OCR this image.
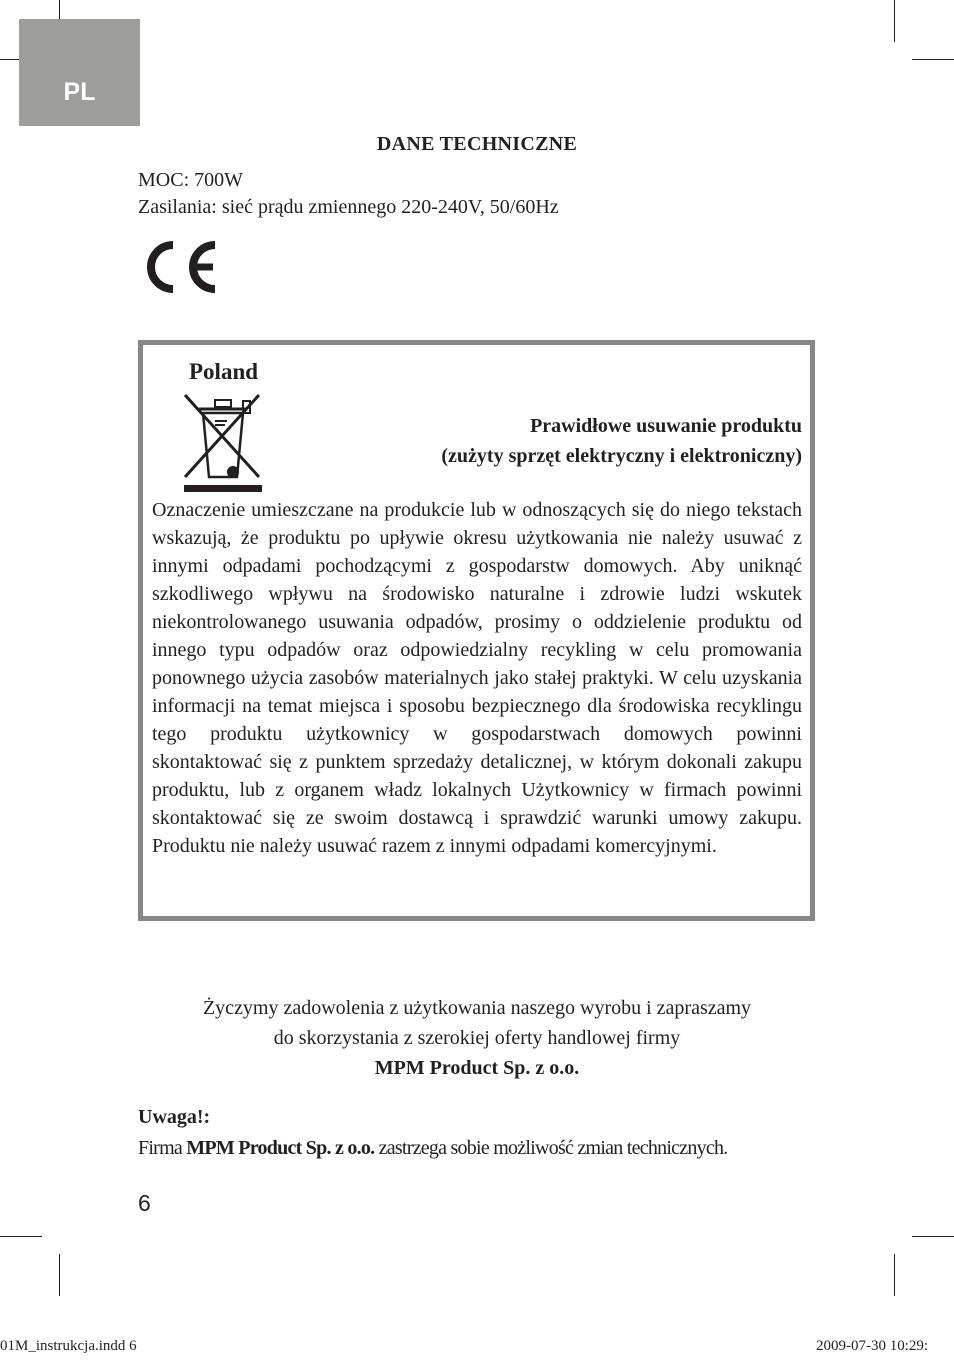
PL
DANE TECHNICZNE
MOC: 700W
Zasilania: sieć prądu zmiennego 220-240V, 50/60Hz
Poland
Prawidłowe usuwanie produktu
(zużyty sprzęt elektryczny i elektroniczny)

Oznaczenie umieszczane na produkcie lub w odnoszących się do niego tekstach wskazują, że produktu po upływie okresu użytkowania nie należy usuwać z innymi odpadami pochodzącymi z gospodarstw domowych. Aby uniknąć szkodliwego wpływu na środowisko naturalne i zdrowie ludzi wskutek niekontrolowanego usuwania odpadów, prosimy o oddzielenie produktu od innego typu odpadów oraz odpowiedzialny recykling w celu promowania ponownego użycia zasobów materialnych jako stałej praktyki. W celu uzyskania informacji na temat miejsca i sposobu bezpiecznego dla środowiska recyklingu tego produktu użytkownicy w gospodarstwach domowych powinni skontaktować się z punktem sprzedaży detalicznej, w którym dokonali zakupu produktu, lub z organem władz lokalnych Użytkownicy w firmach powinni skontaktować się ze swoim dostawcą i sprawdzić warunki umowy zakupu. Produktu nie należy usuwać razem z innymi odpadami komercyjnymi.

Życzymy zadowolenia z użytkowania naszego wyrobu i zapraszamy
do skorzystania z szerokiej oferty handlowej firmy
MPM Product Sp. z o.o.
Uwaga!:
Firma MPM Product Sp. z o.o. zastrzega sobie możliwość zmian technicznych.
6
01M_instrukcja.indd 6	2009-07-30 10:29:
